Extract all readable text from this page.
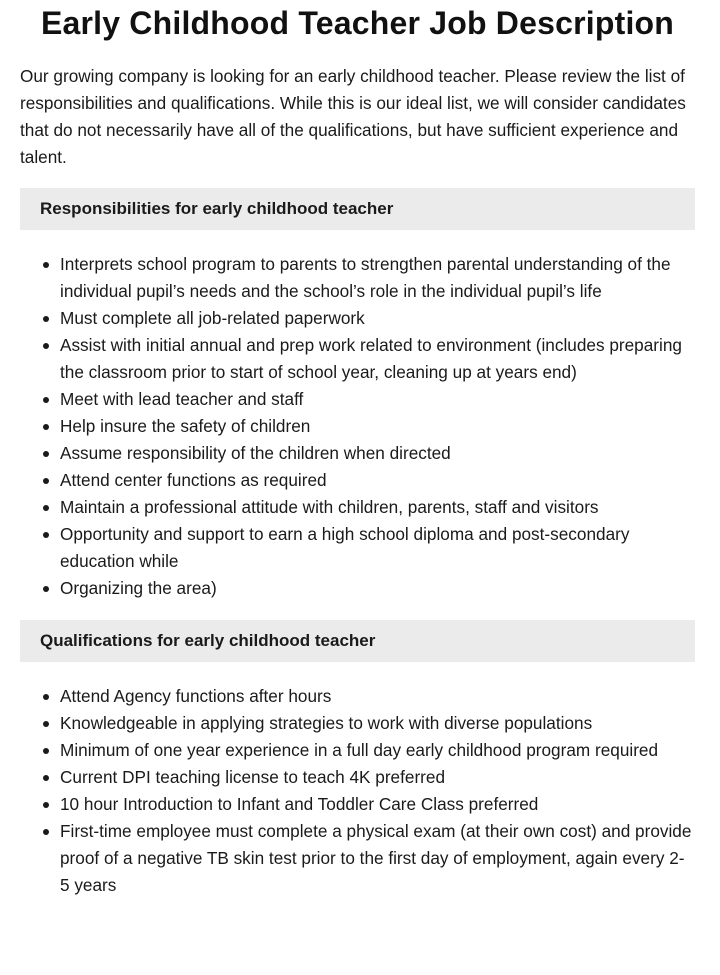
Early Childhood Teacher Job Description

Our growing company is looking for an early childhood teacher. Please review the list of responsibilities and qualifications. While this is our ideal list, we will consider candidates that do not necessarily have all of the qualifications, but have sufficient experience and talent.

Responsibilities for early childhood teacher
Interprets school program to parents to strengthen parental understanding of the individual pupil’s needs and the school’s role in the individual pupil’s life
Must complete all job-related paperwork
Assist with initial annual and prep work related to environment (includes preparing the classroom prior to start of school year, cleaning up at years end)
Meet with lead teacher and staff
Help insure the safety of children
Assume responsibility of the children when directed
Attend center functions as required
Maintain a professional attitude with children, parents, staff and visitors
Opportunity and support to earn a high school diploma and post-secondary education while
Organizing the area)
Qualifications for early childhood teacher
Attend Agency functions after hours
Knowledgeable in applying strategies to work with diverse populations
Minimum of one year experience in a full day early childhood program required
Current DPI teaching license to teach 4K preferred
10 hour Introduction to Infant and Toddler Care Class preferred
First-time employee must complete a physical exam (at their own cost) and provide proof of a negative TB skin test prior to the first day of employment, again every 2- 5 years
